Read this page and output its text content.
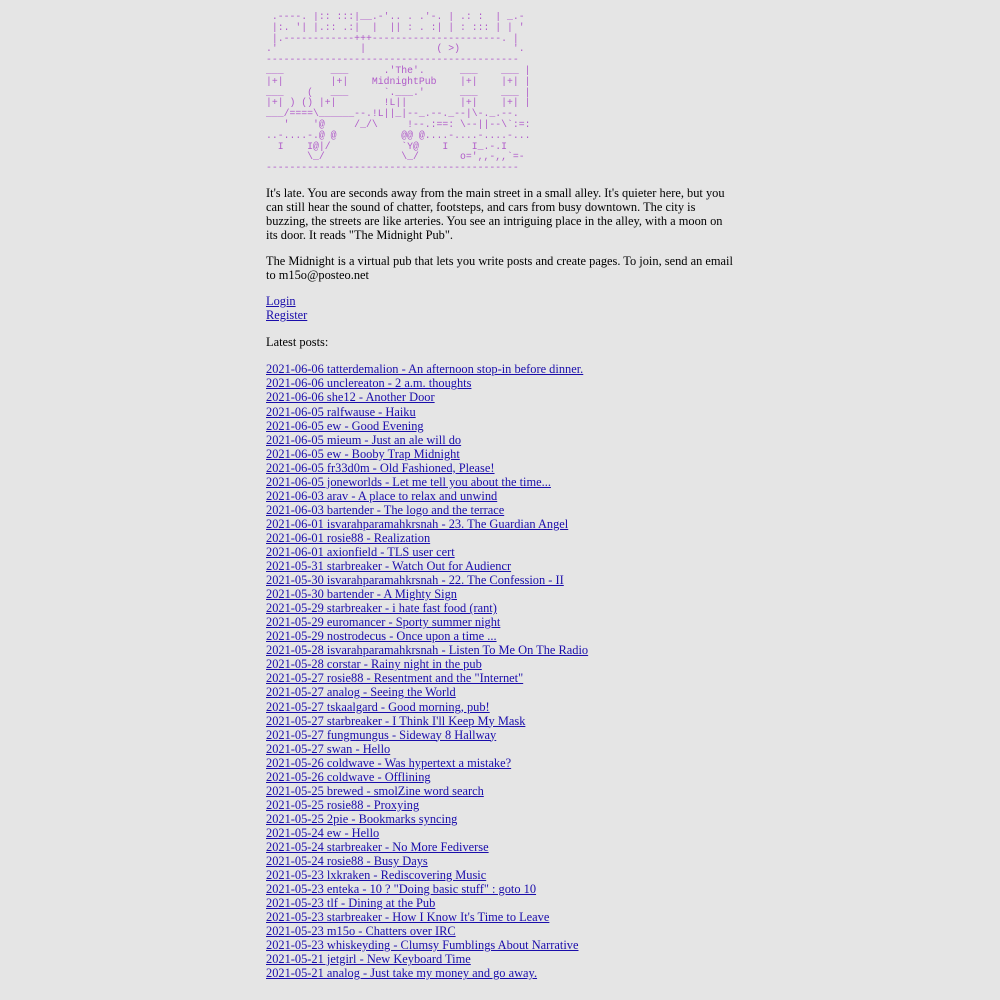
.----. |:: :::|__.-'.. . .'-. | .: :  | _.-
|:. '| |.:: .:|  |  || : . :| | : ::: | | '
|.------------+++----------------------. |
.'              |            ( >)         '.
-------------------------------------------
___        ___      .'The'.      ___    ___ |
|+|        |+|    MidnightPub    |+|    |+| |
___    (   ___      `.___.'      ___    ___ |
|+| ) () |+|        !L||         |+|    |+| |
___/====\______--.!L||_|--_.--._--|\-._.--.
'    '@     /_/\     !--.:==: \--||--\`:=:
..-....-.@ @           @@ @....-....-....-...
I    I@|/            `Y@    I    I_.-.I
\_/             \_/       o=',,-,,`=-
-------------------------------------------

It's late. You are seconds away from the main street in a small alley. It's quieter here, but you can still hear the sound of chatter, footsteps, and cars from busy downtown. The city is buzzing, the streets are like arteries. You see an intriguing place in the alley, with a moon on its door. It reads "The Midnight Pub".

The Midnight is a virtual pub that lets you write posts and create pages. To join, send an email to m15o@posteo.net

Login
Register
Latest posts:
2021-06-06 tatterdemalion - An afternoon stop-in before dinner.
2021-06-06 unclereaton - 2 a.m. thoughts
2021-06-06 she12 - Another Door
2021-06-05 ralfwause - Haiku
2021-06-05 ew - Good Evening
2021-06-05 mieum - Just an ale will do
2021-06-05 ew - Booby Trap Midnight
2021-06-05 fr33d0m - Old Fashioned, Please!
2021-06-05 joneworlds - Let me tell you about the time...
2021-06-03 arav - A place to relax and unwind
2021-06-03 bartender - The logo and the terrace
2021-06-01 isvarahparamahkrsnah - 23. The Guardian Angel
2021-06-01 rosie88 - Realization
2021-06-01 axionfield - TLS user cert
2021-05-31 starbreaker - Watch Out for Audiencr
2021-05-30 isvarahparamahkrsnah - 22. The Confession - II
2021-05-30 bartender - A Mighty Sign
2021-05-29 starbreaker - i hate fast food (rant)
2021-05-29 euromancer - Sporty summer night
2021-05-29 nostrodecus - Once upon a time ...
2021-05-28 isvarahparamahkrsnah - Listen To Me On The Radio
2021-05-28 corstar - Rainy night in the pub
2021-05-27 rosie88 - Resentment and the "Internet"
2021-05-27 analog - Seeing the World
2021-05-27 tskaalgard - Good morning, pub!
2021-05-27 starbreaker - I Think I'll Keep My Mask
2021-05-27 fungmungus - Sideway 8 Hallway
2021-05-27 swan - Hello
2021-05-26 coldwave - Was hypertext a mistake?
2021-05-26 coldwave - Offlining
2021-05-25 brewed - smolZine word search
2021-05-25 rosie88 - Proxying
2021-05-25 2pie - Bookmarks syncing
2021-05-24 ew - Hello
2021-05-24 starbreaker - No More Fediverse
2021-05-24 rosie88 - Busy Days
2021-05-23 lxkraken - Rediscovering Music
2021-05-23 enteka - 10 ? "Doing basic stuff" : goto 10
2021-05-23 tlf - Dining at the Pub
2021-05-23 starbreaker - How I Know It's Time to Leave
2021-05-23 m15o - Chatters over IRC
2021-05-23 whiskeyding - Clumsy Fumblings About Narrative
2021-05-21 jetgirl - New Keyboard Time
2021-05-21 analog - Just take my money and go away.
